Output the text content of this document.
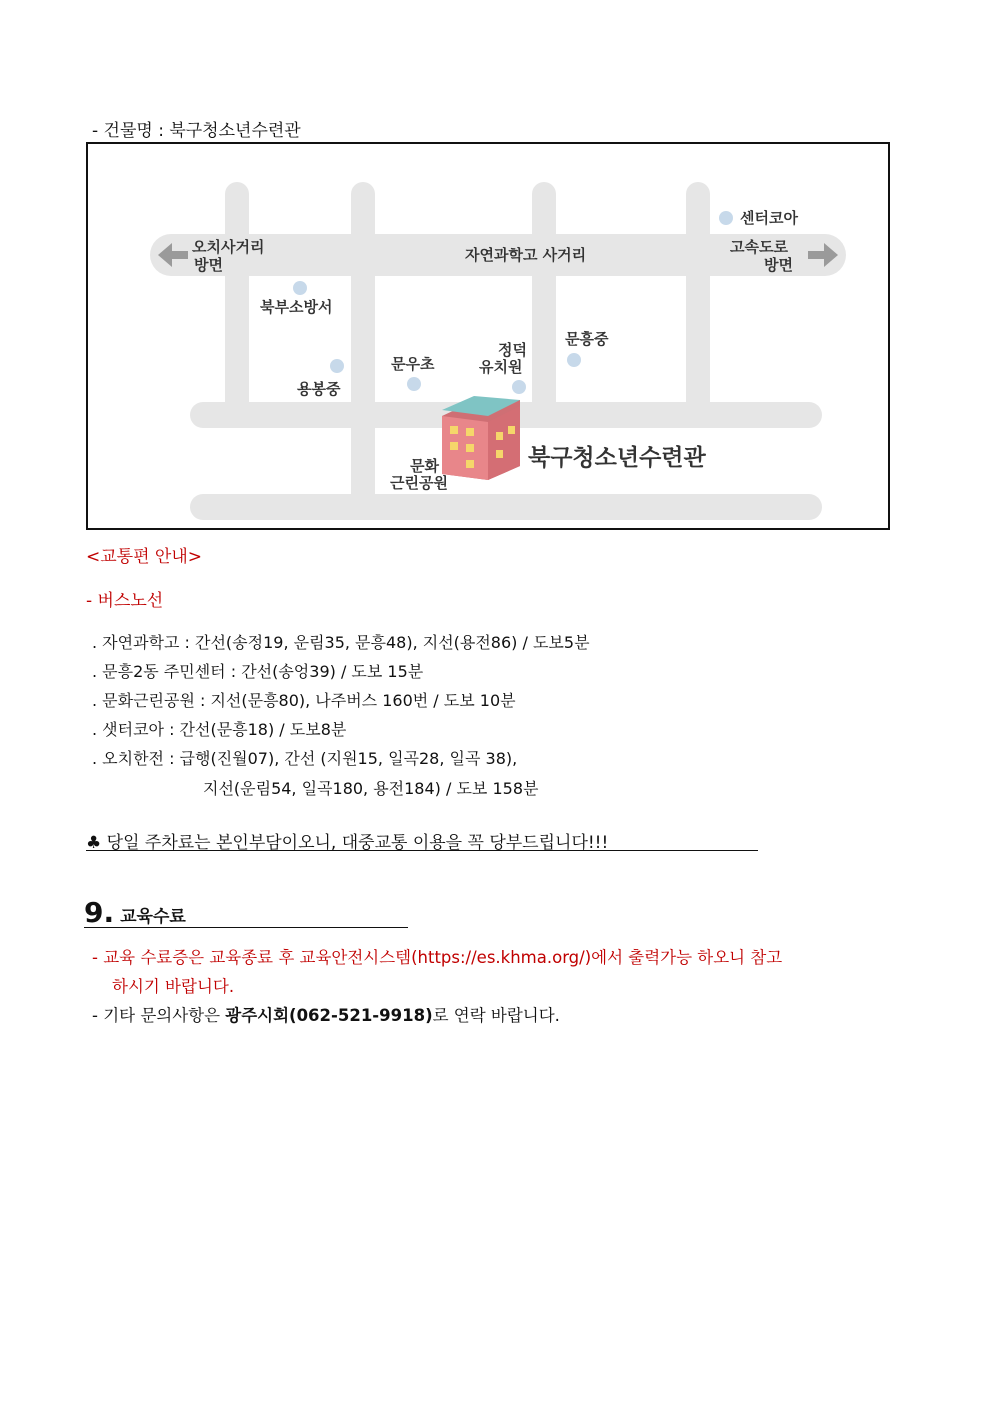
- 건물명 : 북구청소년수련관
오치사거리
방면
자연과학고 사거리	고속도로
방면
센터코아
북부소방서
용봉중
문우초
정덕
유치원
문흥중
문화
근린공원
북구청소년수련관
<교통편 안내>
- 버스노선
. 자연과학고 : 간선(송정19, 운림35, 문흥48), 지선(용전86) / 도보5분
. 문흥2동 주민센터 : 간선(송엉39) / 도보 15분
. 문화근린공원 : 지선(문흥80), 나주버스 160번 / 도보 10분
. 샛터코아 : 간선(문흥18) / 도보8분
. 오치한전 : 급행(진월07), 간선 (지원15, 일곡28, 일곡 38),
지선(운림54, 일곡180, 용전184) / 도보 158분
♣ 당일 주차료는 본인부담이오니, 대중교통 이용을 꼭 당부드립니다!!!
9. 교육수료
- 교육 수료증은 교육종료 후 교육안전시스템(https://es.khma.org/)에서 출력가능 하오니 참고
하시기 바랍니다.
- 기타 문의사항은 광주시회(062-521-9918)로 연락 바랍니다.
